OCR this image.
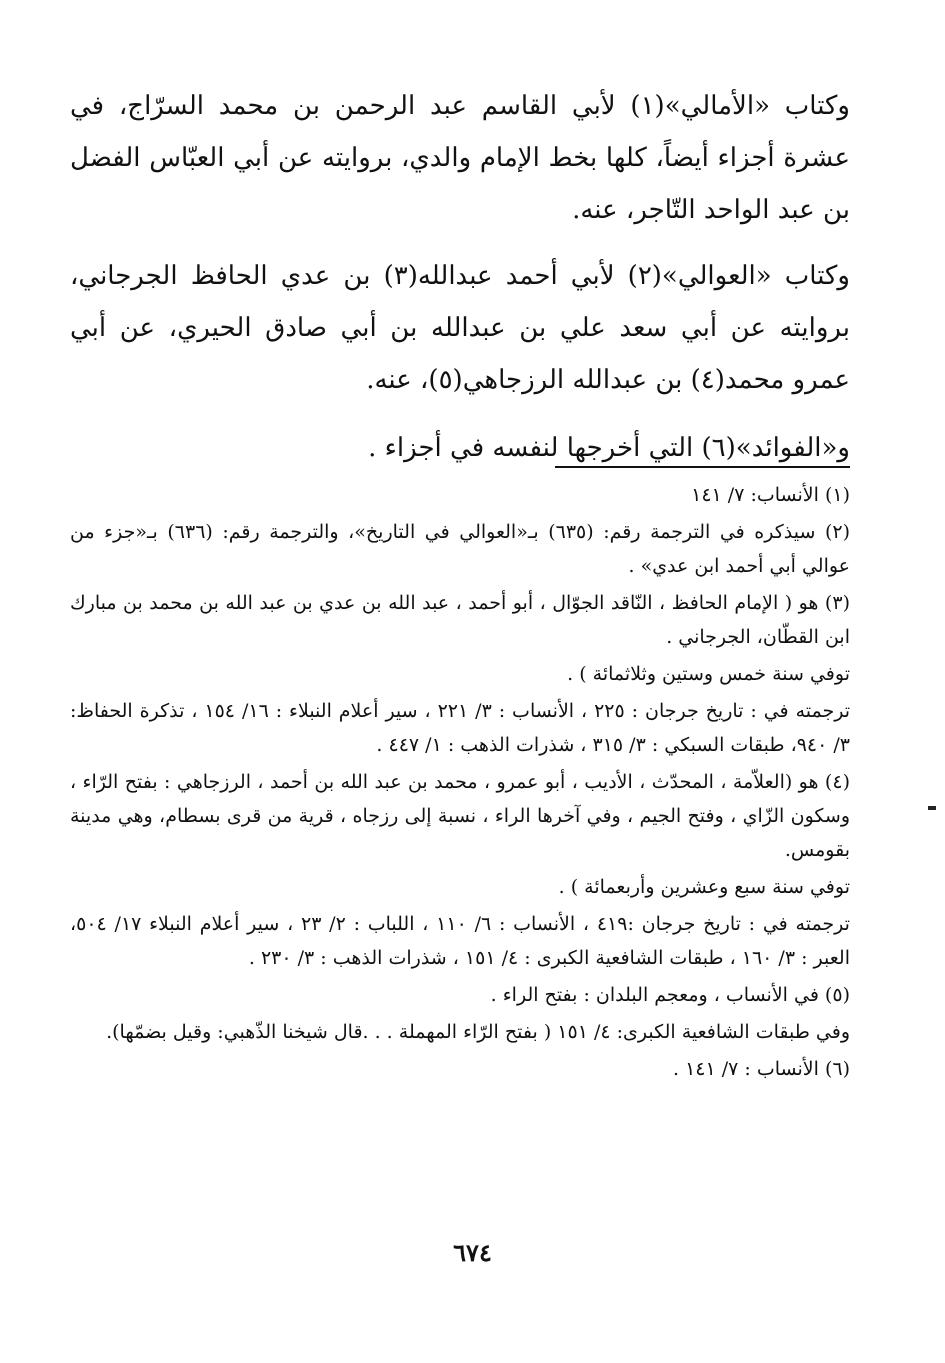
وكتاب «الأمالي»(١) لأبي القاسم عبد الرحمن بن محمد السرّاج، في عشرة أجزاء أيضاً، كلها بخط الإمام والدي، بروايته عن أبي العبّاس الفضل بن عبد الواحد التّاجر، عنه.

وكتاب «العوالي»(٢) لأبي أحمد عبدالله(٣) بن عدي الحافظ الجرجاني، بروايته عن أبي سعد علي بن عبدالله بن أبي صادق الحيري، عن أبي عمرو محمد(٤) بن عبدالله الرزجاهي(٥)، عنه.

و«الفوائد»(٦) التي أخرجها لنفسه في أجزاء .

(١) الأنساب: ٧/ ١٤١

(٢) سيذكره في الترجمة رقم: (٦٣٥) بـ«العوالي في التاريخ»، والترجمة رقم: (٦٣٦) بـ«جزء من عوالي أبي أحمد ابن عدي» .

(٣) هو ( الإمام الحافظ ، النّاقد الجوّال ، أبو أحمد ، عبد الله بن عدي بن عبد الله بن محمد بن مبارك ابن القطّان، الجرجاني .

توفي سنة خمس وستين وثلاثمائة ) .

ترجمته في : تاريخ جرجان : ٢٢٥ ، الأنساب : ٣/ ٢٢١ ، سير أعلام النبلاء : ١٦/ ١٥٤ ، تذكرة الحفاظ: ٣/ ٩٤٠، طبقات السبكي : ٣/ ٣١٥ ، شذرات الذهب : ١/ ٤٤٧ .

(٤) هو (العلاّمة ، المحدّث ، الأديب ، أبو عمرو ، محمد بن عبد الله بن أحمد ، الرزجاهي : بفتح الرّاء ، وسكون الزّاي ، وفتح الجيم ، وفي آخرها الراء ، نسبة إلى رزجاه ، قرية من قرى بسطام، وهي مدينة بقومس.

توفي سنة سبع وعشرين وأربعمائة ) .

ترجمته في : تاريخ جرجان :٤١٩ ، الأنساب : ٦/ ١١٠ ، اللباب : ٢/ ٢٣ ، سير أعلام النبلاء ١٧/ ٥٠٤، العبر : ٣/ ١٦٠ ، طبقات الشافعية الكبرى : ٤/ ١٥١ ، شذرات الذهب : ٣/ ٢٣٠ .

(٥) في الأنساب ، ومعجم البلدان : بفتح الراء .

وفي طبقات الشافعية الكبرى: ٤/ ١٥١ ( بفتح الرّاء المهملة . . .قال شيخنا الذّهبي: وقيل بضمّها).

(٦) الأنساب : ٧/ ١٤١ .

٦٧٤
